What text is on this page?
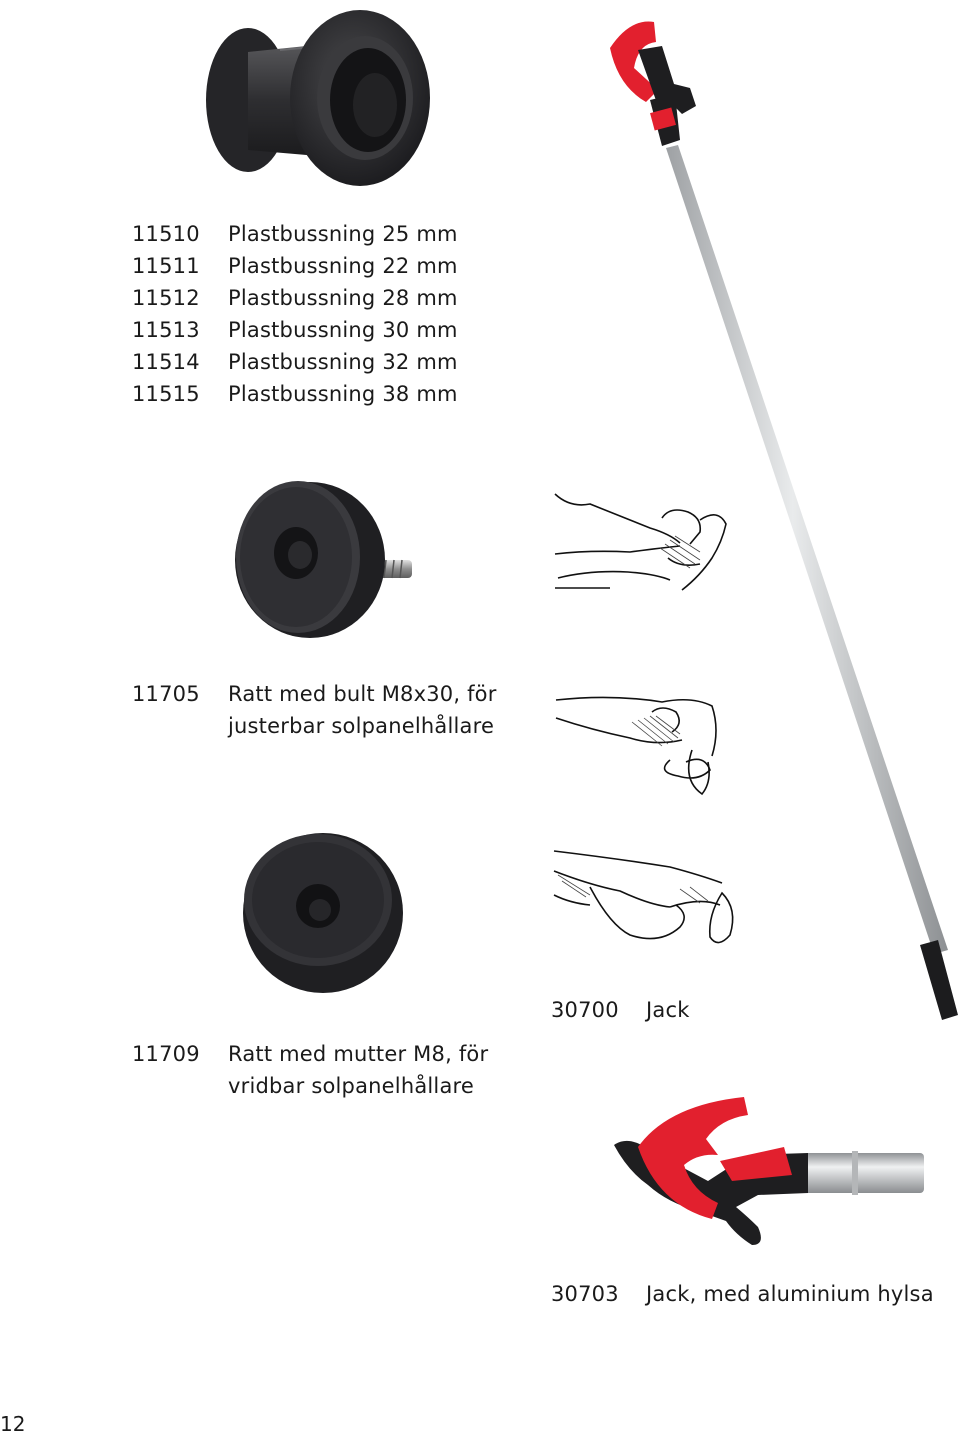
11510	Plastbussning 25 mm
11511	Plastbussning 22 mm
11512	Plastbussning 28 mm
11513	Plastbussning 30 mm
11514	Plastbussning 32 mm
11515	Plastbussning 38 mm
11705	Ratt med bult M8x30, för
justerbar solpanelhållare
11709	Ratt med mutter M8, för
vridbar solpanelhållare
30700	Jack
30703	Jack, med aluminium hylsa
12
